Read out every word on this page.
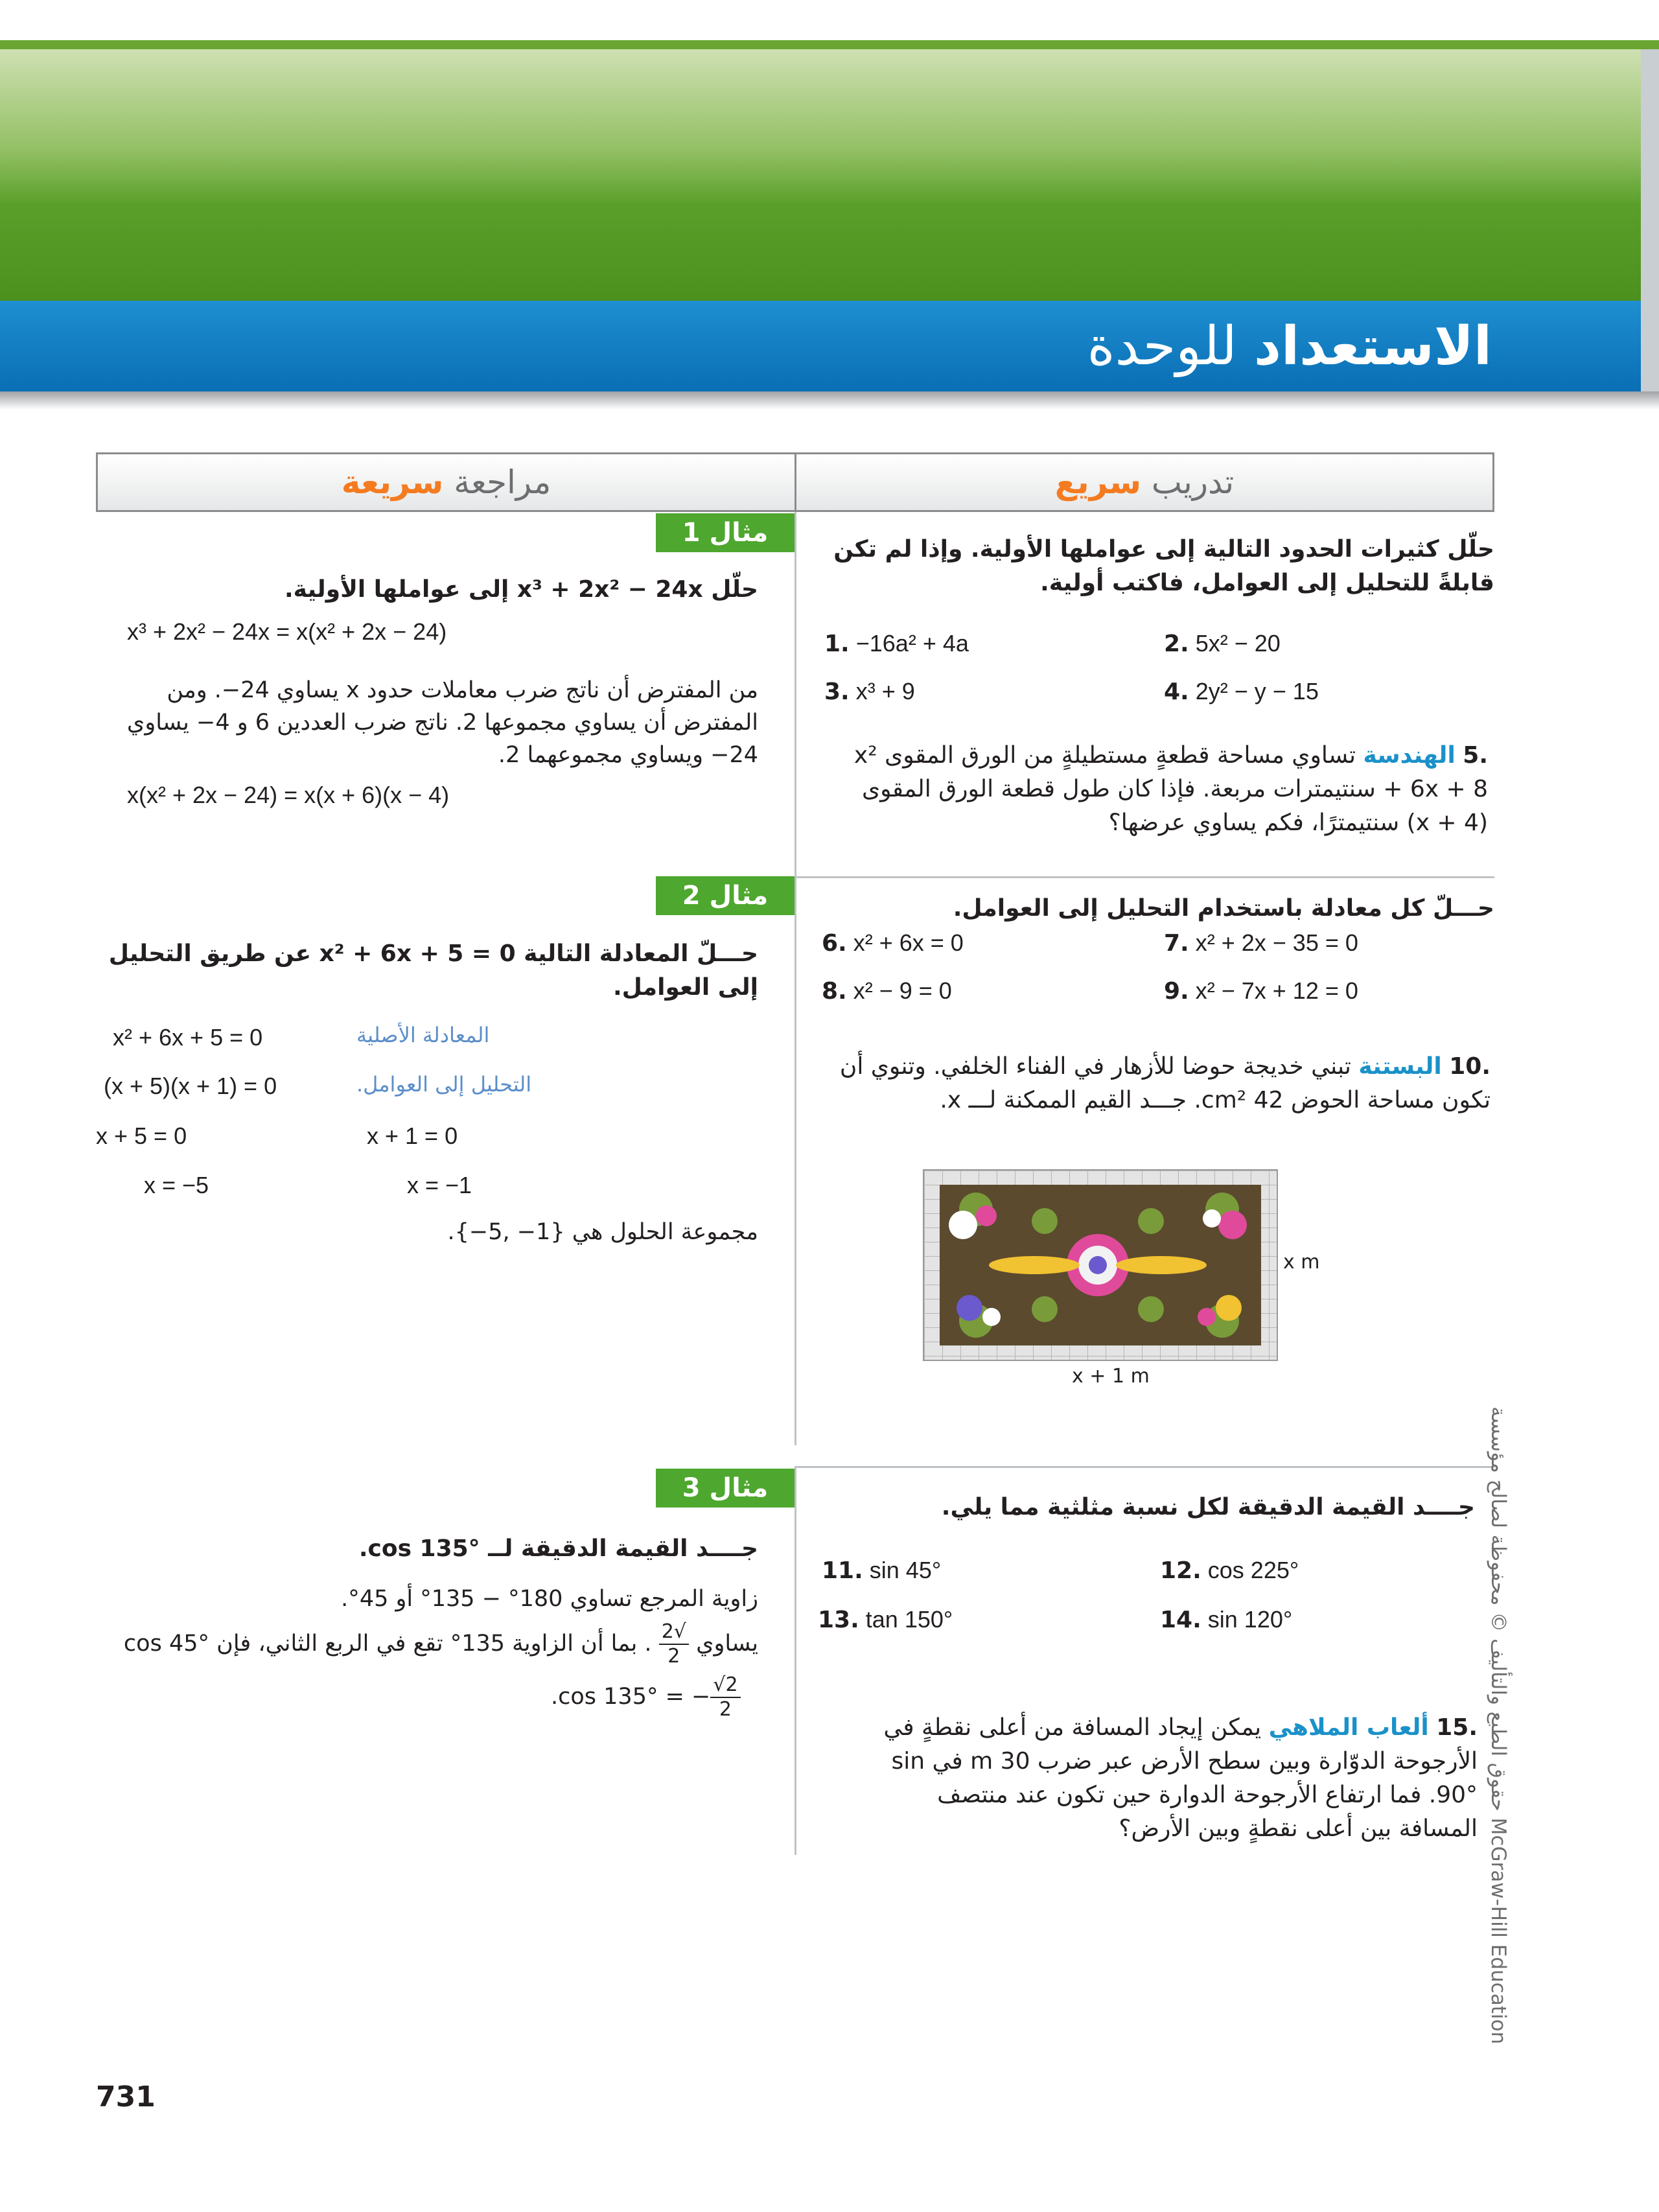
الاستعداد للوحدة
تدريب سريع
مراجعة سريعة
مثال 1
مثال 2
مثال 3
حلّل x³ + 2x² − 24x إلى عواملها الأولية.
x³ + 2x² − 24x = x(x² + 2x − 24)
من المفترض أن ناتج ضرب معاملات حدود x يساوي 24−. ومن المفترض أن يساوي مجموعها 2. ناتج ضرب العددين 6 و 4− يساوي 24− ويساوي مجموعهما 2.
x(x² + 2x − 24) = x(x + 6)(x − 4)
حـــلّ المعادلة التالية x² + 6x + 5 = 0 عن طريق التحليل إلى العوامل.
x² + 6x + 5 = 0	المعادلة الأصلية
(x + 5)(x + 1) = 0	التحليل إلى العوامل.
x + 5 = 0	x + 1 = 0
x = −5	x = −1
مجموعة الحلول هي {1− ,5−}.
جــــد القيمة الدقيقة لــ cos 135°.
زاوية المرجع تساوي 180° − 135° أو 45°.
cos 45° يساوي
$\frac{√2}{2}$
. بما أن الزاوية 135° تقع في الربع الثاني، فإن
.cos 135° = − $\frac{√2}{2}$
حلّل كثيرات الحدود التالية إلى عواملها الأولية. وإذا لم تكن قابلةً للتحليل إلى العوامل، فاكتب أولية.
1. −16a² + 4a	2. 5x² − 20
3. x³ + 9	4. 2y² − y − 15
.5 الهندسة تساوي مساحة قطعةٍ مستطيلةٍ من الورق المقوى x² + 6x + 8 سنتيمترات مربعة. فإذا كان طول قطعة الورق المقوى (x + 4) سنتيمترًا، فكم يساوي عرضها؟
حـــلّ كل معادلة باستخدام التحليل إلى العوامل.
6. x² + 6x = 0	7. x² + 2x − 35 = 0
8. x² − 9 = 0	9. x² − 7x + 12 = 0
.10 البستنة تبني خديجة حوضا للأزهار في الفناء الخلفي. وتنوي أن تكون مساحة الحوض 42 cm². جـــد القيم الممكنة لـــ x.
x m
x + 1 m
جــــد القيمة الدقيقة لكل نسبة مثلثية مما يلي.
11. sin 45°	12. cos 225°
13. tan 150°	14. sin 120°
.15 ألعاب الملاهي يمكن إيجاد المسافة من أعلى نقطةٍ في الأرجوحة الدوّارة وبين سطح الأرض عبر ضرب 30 m في sin 90°. فما ارتفاع الأرجوحة الدوارة حين تكون عند منتصف المسافة بين أعلى نقطةٍ وبين الأرض؟
حقوق الطبع والتأليف © محفوظة لصالح مؤسسة McGraw-Hill Education
731
